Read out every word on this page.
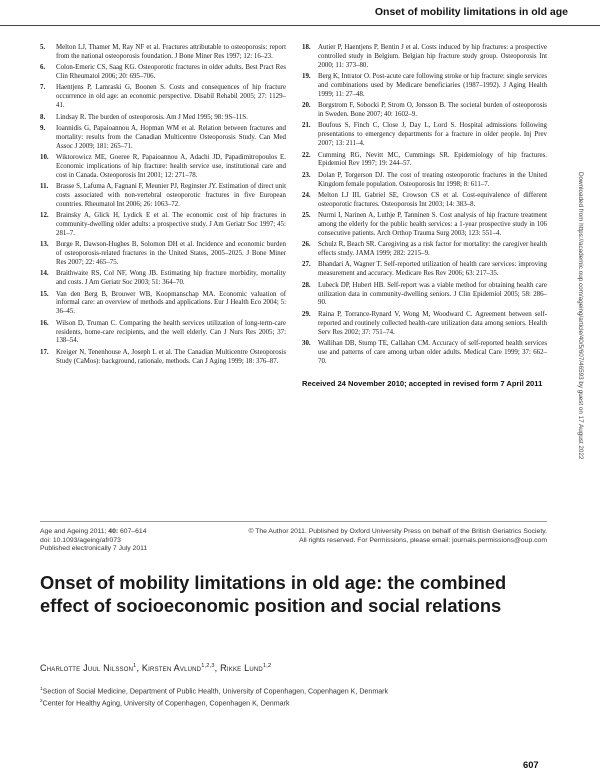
Onset of mobility limitations in old age
5.	Melton LJ, Thamer M, Ray NF et al. Fractures attributable to osteoporosis: report from the national osteoporosis foundation. J Bone Miner Res 1997; 12: 16–23.
6.	Colon-Emeric CS, Saag KG. Osteoporotic fractures in older adults. Best Pract Res Clin Rheumatol 2006; 20: 695–706.
7.	Haentjens P, Lamraski G, Boonen S. Costs and consequences of hip fracture occurrence in old age: an economic perspective. Disabil Rehabil 2005; 27: 1129–41.
8.	Lindsay R. The burden of osteoporosis. Am J Med 1995; 98: 9S–11S.
9.	Ioannidis G, Papaioannou A, Hopman WM et al. Relation between fractures and mortality: results from the Canadian Multicentre Osteoporosis Study. Can Med Assoc J 2009; 181: 265–71.
10.	Wiktorowicz ME, Goeree R, Papaioannou A, Adachi JD, Papadimitropoulos E. Economic implications of hip fracture: health service use, institutional care and cost in Canada. Osteoporosis Int 2001; 12: 271–78.
11.	Brasse S, Lafuma A, Fagnani F, Meunier PJ, Reginster JY. Estimation of direct unit costs associated with non-vertebral osteoporotic fractures in five European countries. Rheumatol Int 2006; 26: 1063–72.
12.	Brainsky A, Glick H, Lydick E et al. The economic cost of hip fractures in community-dwelling older adults: a prospective study. J Am Geriatr Soc 1997; 45: 281–7.
13.	Burge R, Dawson-Hughes B, Solomon DH et al. Incidence and economic burden of osteoporosis-related fractures in the United States, 2005–2025. J Bone Miner Res 2007; 22: 465–75.
14.	Braithwaite RS, Col NF, Wong JB. Estimating hip fracture morbidity, mortality and costs. J Am Geriatr Soc 2003; 51: 364–70.
15.	Van den Berg B, Brouwer WB, Koopmanschap MA. Economic valuation of informal care: an overview of methods and applications. Eur J Health Eco 2004; 5: 36–45.
16.	Wilson D, Truman C. Comparing the health services utilization of long-term-care residents, home-care recipients, and the well elderly. Can J Nurs Res 2005; 37: 138–54.
17.	Kreiger N, Tenenhouse A, Joseph L et al. The Canadian Multicentre Osteoporosis Study (CaMos): background, rationale, methods. Can J Aging 1999; 18: 376–87.
18.	Autier P, Haentjens P, Bentin J et al. Costs induced by hip fractures: a prospective controlled study in Belgium. Belgian hip fracture study group. Osteoporosis Int 2000; 11: 373–80.
19.	Berg K, Intrator O. Post-acute care following stroke or hip fracture: single services and combinations used by Medicare beneficiaries (1987–1992). J Aging Health 1999; 11: 27–48.
20.	Borgstrom F, Sobocki P, Strom O, Jonsson B. The societal burden of osteoporosis in Sweden. Bone 2007; 40: 1602–9.
21.	Boufous S, Finch C, Close J, Day L, Lord S. Hospital admissions following presentations to emergency departments for a fracture in older people. Inj Prev 2007; 13: 211–4.
22.	Cumming RG, Nevitt MC, Cummings SR. Epidemiology of hip fractures. Epidemiol Rev 1997; 19: 244–57.
23.	Dolan P, Torgerson DJ. The cost of treating osteoporotic fractures in the United Kingdom female population. Osteoporosis Int 1998; 8: 611–7.
24.	Melton LJ III, Gabriel SE, Crowson CS et al. Cost-equivalence of different osteoporotic fractures. Osteoporosis Int 2003; 14: 383–8.
25.	Nurmi I, Narinen A, Luthje P, Tanninen S. Cost analysis of hip fracture treatment among the elderly for the public health services: a 1-year prospective study in 106 consecutive patients. Arch Orthop Trauma Surg 2003; 123: 551–4.
26.	Schulz R, Beach SR. Caregiving as a risk factor for mortality: the caregiver health effects study. JAMA 1999; 282: 2215–9.
27.	Bhandari A, Wagner T. Self-reported utilization of health care services: improving measurement and accuracy. Medicare Res Rev 2006; 63: 217–35.
28.	Lubeck DP, Hubert HB. Self-report was a viable method for obtaining health care utilization data in community-dwelling seniors. J Clin Epidemiol 2005; 58: 286–90.
29.	Raina P, Torrance-Rynard V, Wong M, Woodward C. Agreement between self-reported and routinely collected health-care utilization data among seniors. Health Serv Res 2002; 37: 751–74.
30.	Wallihan DB, Stump TE, Callahan CM. Accuracy of self-reported health services use and patterns of care among urban older adults. Medical Care 1999; 37: 662–70.
Received 24 November 2010; accepted in revised form 7 April 2011	Downloaded from https://academic.oup.com/ageing/article/40/5/607/46593 by guest on 17 August 2022
Age and Ageing 2011; 40: 607–614
doi: 10.1093/ageing/afr073
Published electronically 7 July 2011
© The Author 2011. Published by Oxford University Press on behalf of the British Geriatrics Society.
All rights reserved. For Permissions, please email: journals.permissions@oup.com
Onset of mobility limitations in old age: the combined effect of socioeconomic position and social relations
Charlotte Juul Nilsson$^1$, Kirsten Avlund$^{1,2,3}$, Rikke Lund$^{1,2}$
$^1$Section of Social Medicine, Department of Public Health, University of Copenhagen, Copenhagen K, Denmark
$^2$Center for Healthy Aging, University of Copenhagen, Copenhagen K, Denmark
607
